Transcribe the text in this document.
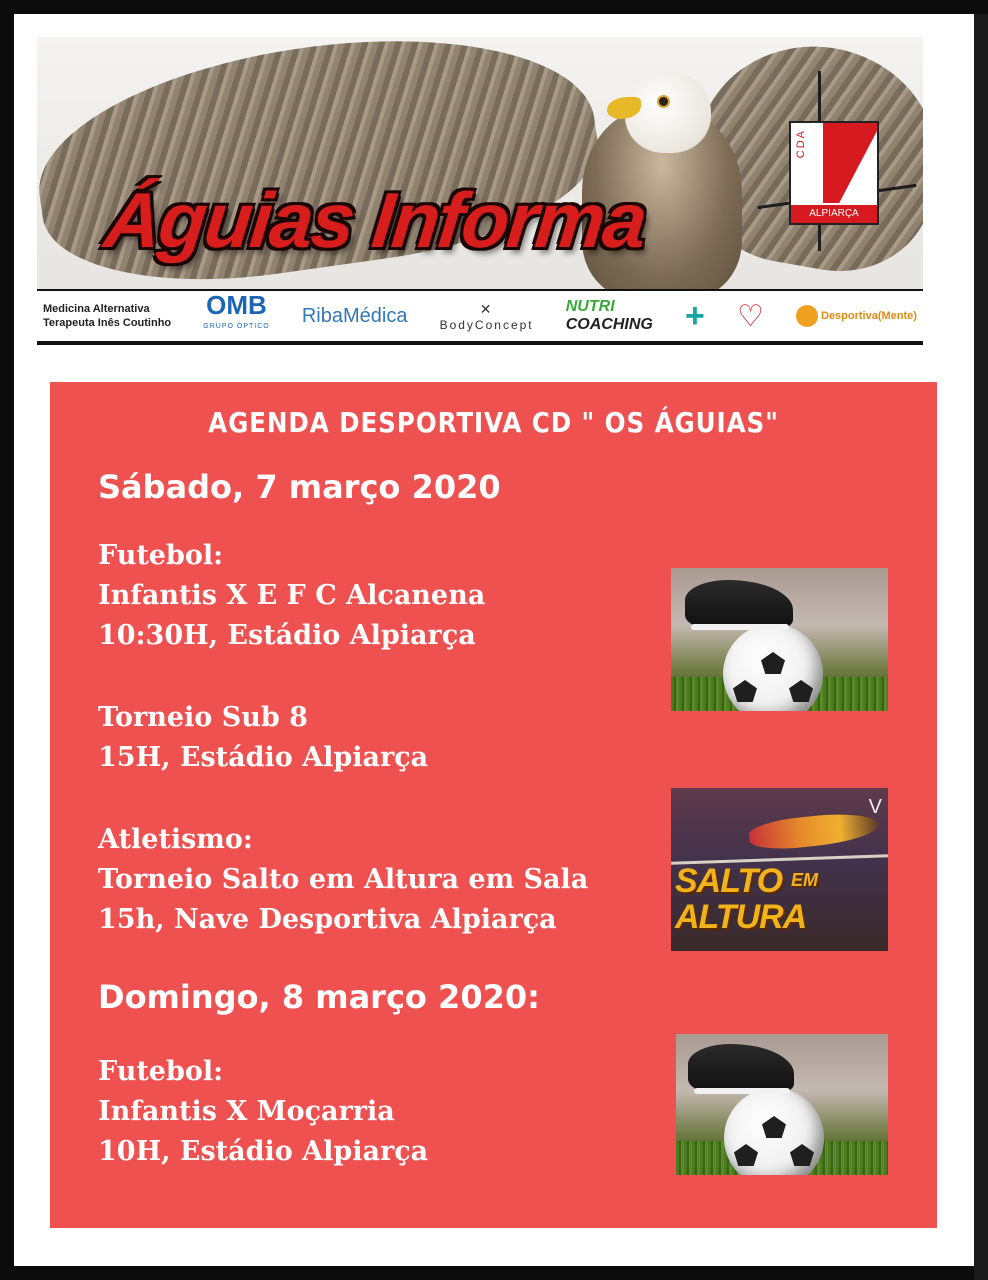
CDA
ALPIARÇA
Águias Informa
Medicina Alternativa
Terapeuta Inês Coutinho
OMB
GRUPO ÓPTICO RibaMédica	✕
BodyConcept
NUTRI
COACHING + ♡	Desportiva(Mente)
AGENDA DESPORTIVA CD " OS ÁGUIAS"
Sábado, 7 março 2020
Futebol:
Infantis X E F C Alcanena
10:30H, Estádio Alpiarça
Torneio Sub 8
15H, Estádio Alpiarça
Atletismo:
Torneio Salto em Altura em Sala
15h, Nave Desportiva Alpiarça
Domingo, 8 março 2020:
Futebol:
Infantis X Moçarria
10H, Estádio Alpiarça
V
SALTO EM
ALTURA
